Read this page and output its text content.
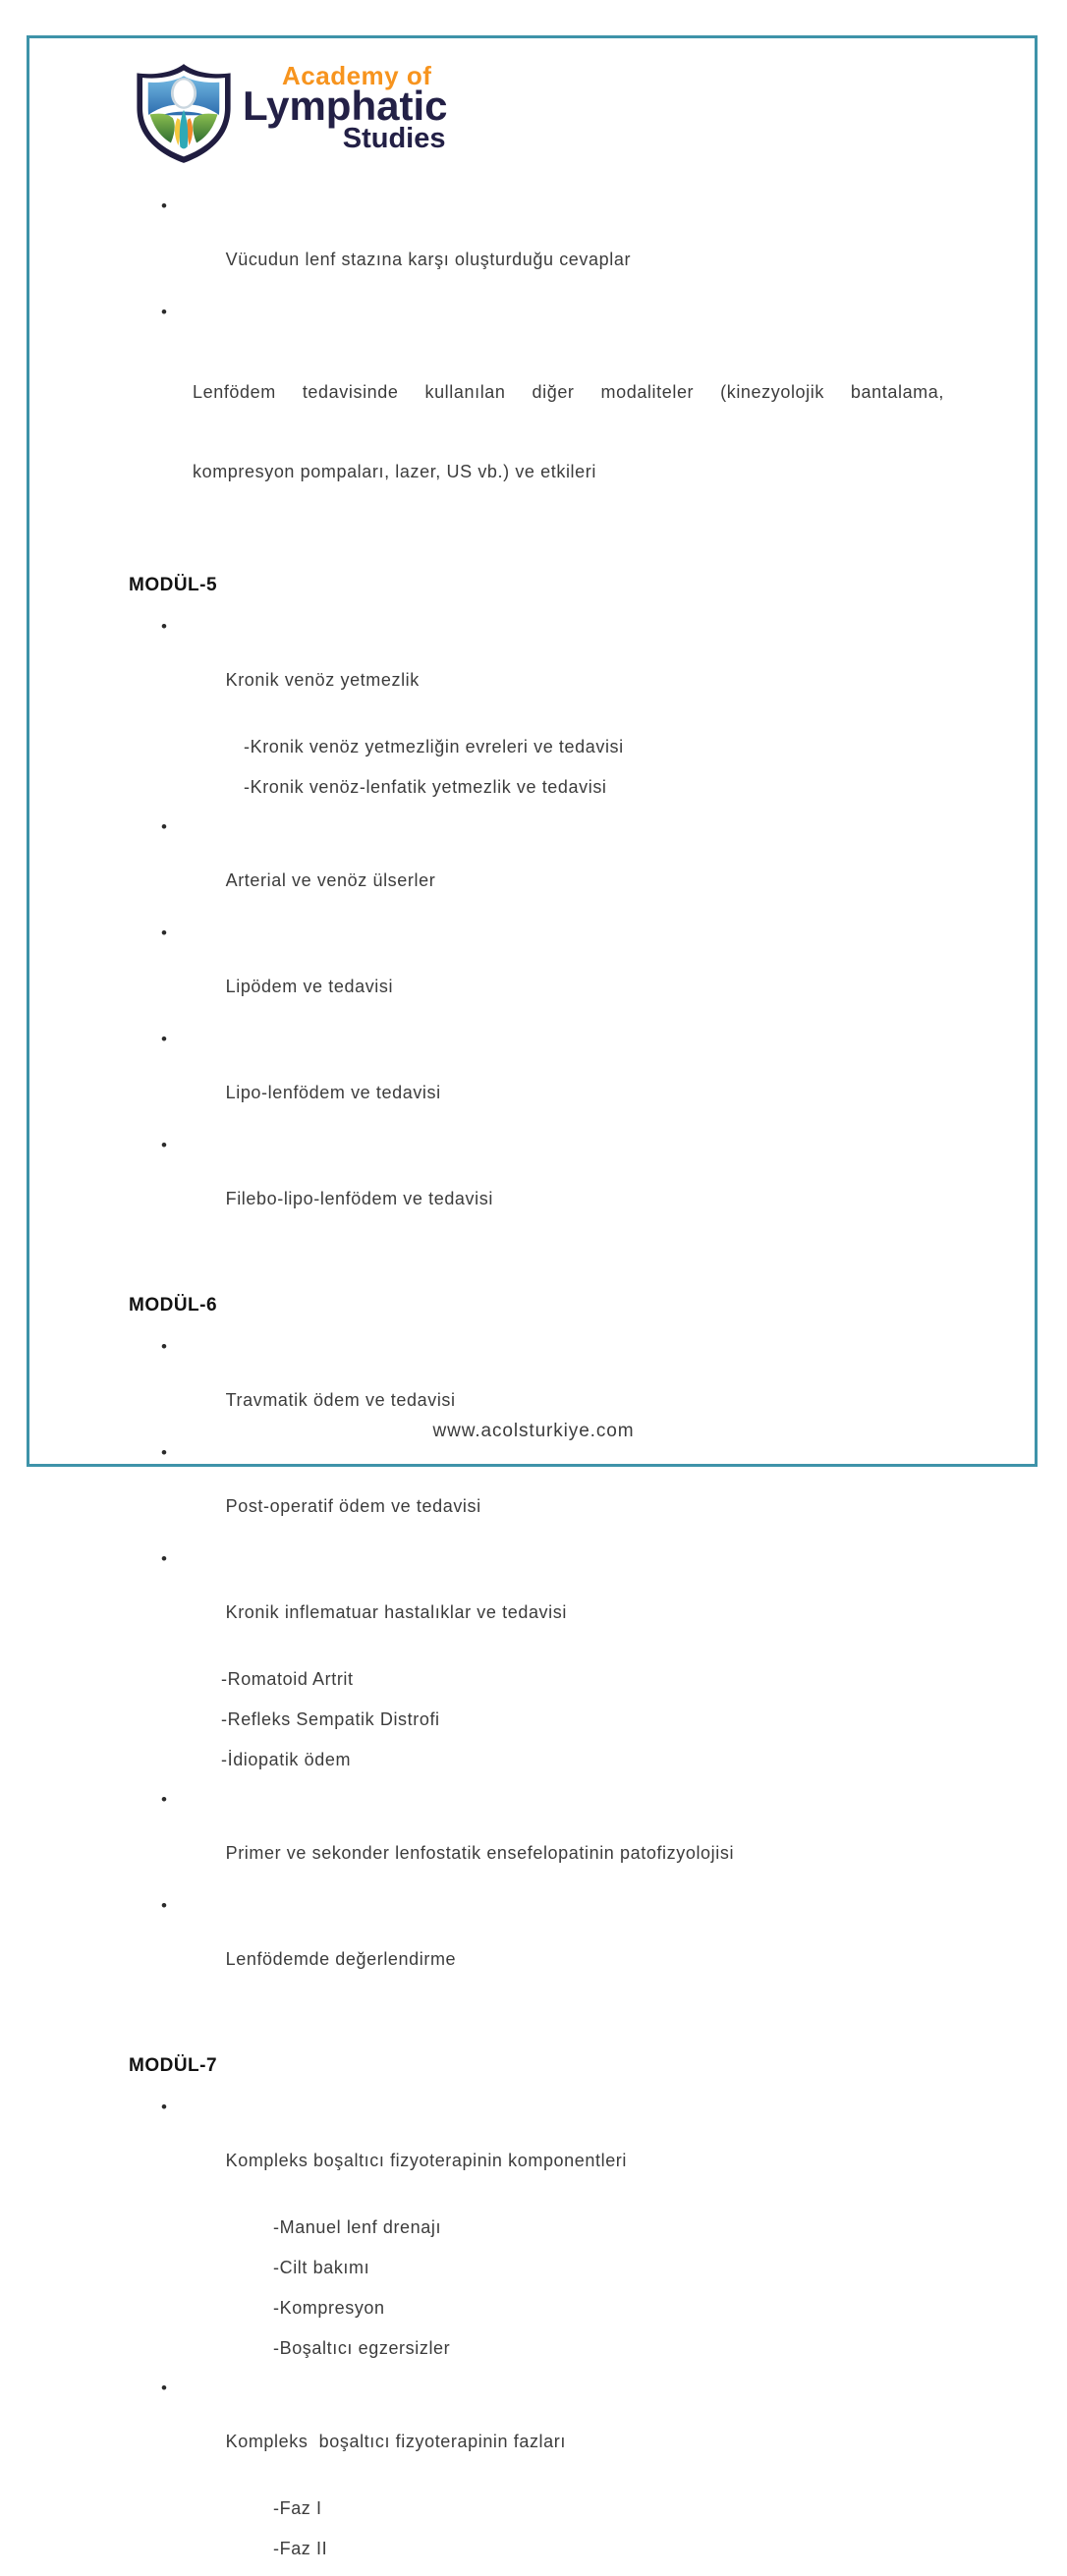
Academy of
Lymphatic
Studies

•

Vücudun lenf stazına karşı oluşturduğu cevaplar

•

Lenfödem tedavisinde kullanılan diğer modaliteler (kinezyolojik bantalama,

kompresyon pompaları, lazer, US vb.) ve etkileri

MODÜL-5

•

Kronik venöz yetmezlik

-Kronik venöz yetmezliğin evreleri ve tedavisi
-Kronik venöz-lenfatik yetmezlik ve tedavisi

•

Arterial ve venöz ülserler

•

Lipödem ve tedavisi

•

Lipo-lenfödem ve tedavisi

•

Filebo-lipo-lenfödem ve tedavisi

MODÜL-6

•

Travmatik ödem ve tedavisi

•

Post-operatif ödem ve tedavisi

•

Kronik inflematuar hastalıklar ve tedavisi

-Romatoid Artrit
-Refleks Sempatik Distrofi
-İdiopatik ödem

•

Primer ve sekonder lenfostatik ensefelopatinin patofizyolojisi

•

Lenfödemde değerlendirme

MODÜL-7

•

Kompleks boşaltıcı fizyoterapinin komponentleri

-Manuel lenf drenajı
-Cilt bakımı
-Kompresyon
-Boşaltıcı egzersizler

•

Kompleks  boşaltıcı fizyoterapinin fazları

-Faz I
-Faz II
www.acolsturkiye.com
